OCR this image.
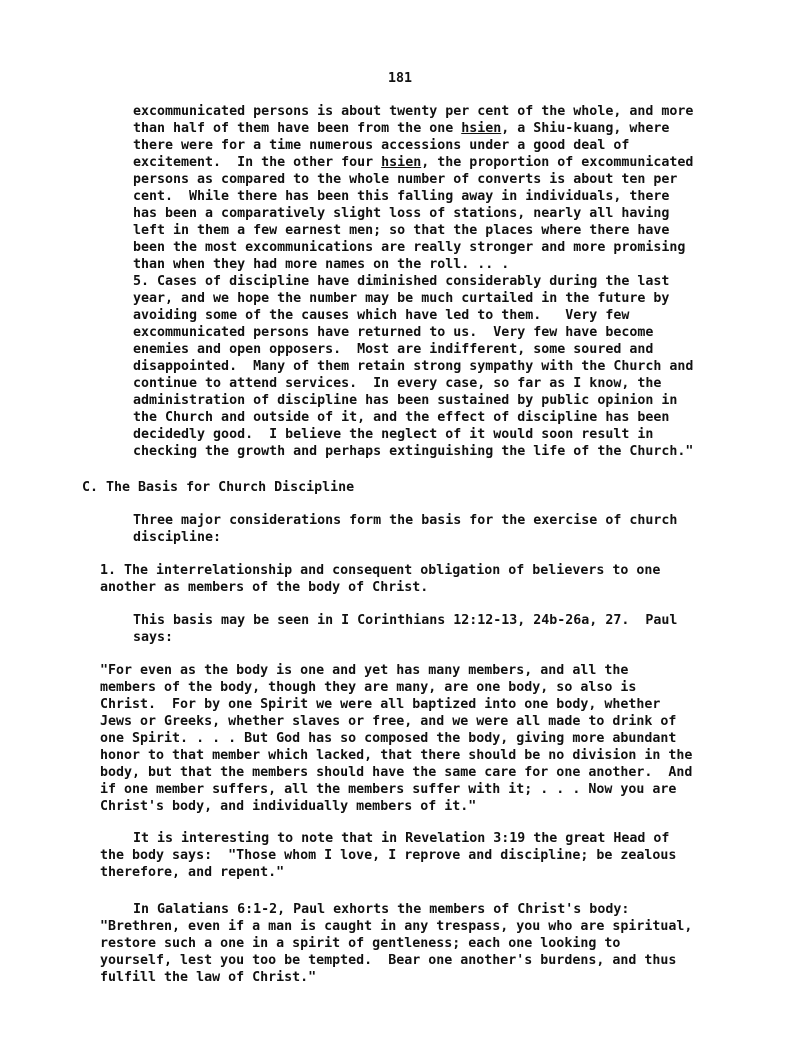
181
excommunicated persons is about twenty per cent of the whole, and more
than half of them have been from the one hsien, a Shiu-kuang, where
there were for a time numerous accessions under a good deal of
excitement.  In the other four hsien, the proportion of excommunicated
persons as compared to the whole number of converts is about ten per
cent.  While there has been this falling away in individuals, there
has been a comparatively slight loss of stations, nearly all having
left in them a few earnest men; so that the places where there have
been the most excommunications are really stronger and more promising
than when they had more names on the roll. .. .
5. Cases of discipline have diminished considerably during the last
year, and we hope the number may be much curtailed in the future by
avoiding some of the causes which have led to them.   Very few
excommunicated persons have returned to us.  Very few have become
enemies and open opposers.  Most are indifferent, some soured and
disappointed.  Many of them retain strong sympathy with the Church and
continue to attend services.  In every case, so far as I know, the
administration of discipline has been sustained by public opinion in
the Church and outside of it, and the effect of discipline has been
decidedly good.  I believe the neglect of it would soon result in
checking the growth and perhaps extinguishing the life of the Church."
C. The Basis for Church Discipline
Three major considerations form the basis for the exercise of church
discipline:
1. The interrelationship and consequent obligation of believers to one
another as members of the body of Christ.
This basis may be seen in I Corinthians 12:12-13, 24b-26a, 27.  Paul
says:
"For even as the body is one and yet has many members, and all the
members of the body, though they are many, are one body, so also is
Christ.  For by one Spirit we were all baptized into one body, whether
Jews or Greeks, whether slaves or free, and we were all made to drink of
one Spirit. . . . But God has so composed the body, giving more abundant
honor to that member which lacked, that there should be no division in the
body, but that the members should have the same care for one another.  And
if one member suffers, all the members suffer with it; . . . Now you are
Christ's body, and individually members of it."
It is interesting to note that in Revelation 3:19 the great Head of
the body says:  "Those whom I love, I reprove and discipline; be zealous
therefore, and repent."
In Galatians 6:1-2, Paul exhorts the members of Christ's body:
"Brethren, even if a man is caught in any trespass, you who are spiritual,
restore such a one in a spirit of gentleness; each one looking to
yourself, lest you too be tempted.  Bear one another's burdens, and thus
fulfill the law of Christ."
